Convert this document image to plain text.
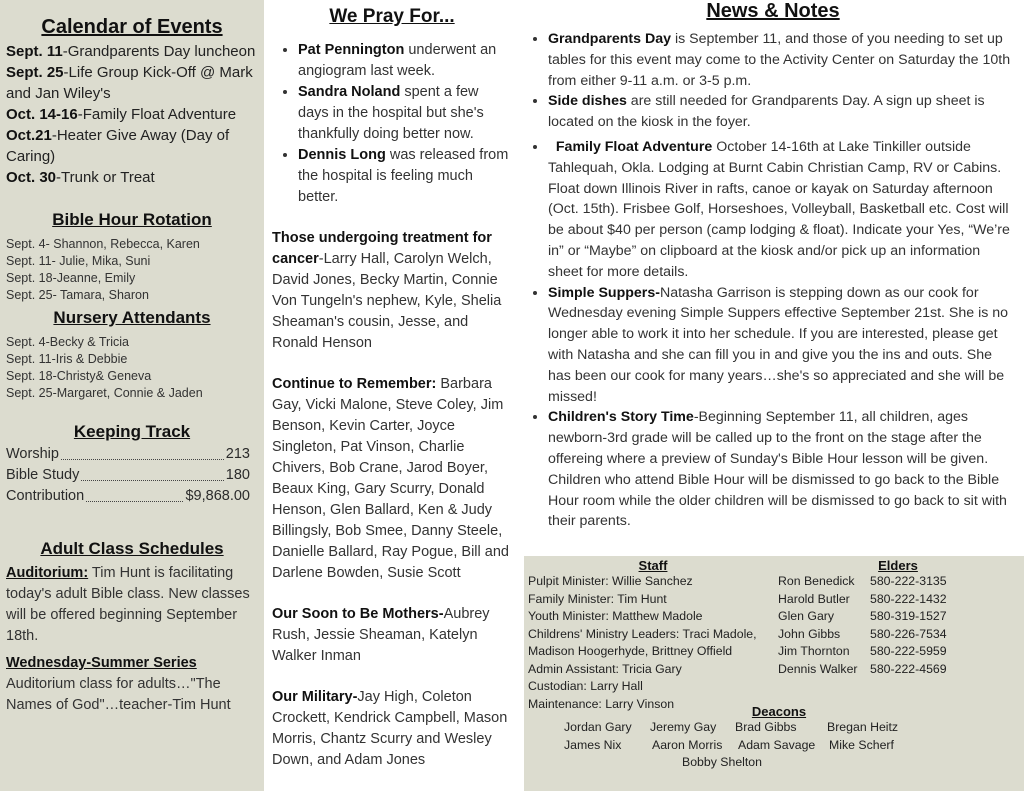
Calendar of Events
Sept. 11-Grandparents Day luncheon
Sept. 25-Life Group Kick-Off @ Mark and Jan Wiley's
Oct. 14-16-Family Float Adventure
Oct.21-Heater Give Away (Day of Caring)
Oct. 30-Trunk or Treat
Bible Hour Rotation
Sept. 4- Shannon, Rebecca, Karen
Sept. 11- Julie, Mika, Suni
Sept. 18-Jeanne, Emily
Sept. 25- Tamara, Sharon
Nursery Attendants
Sept. 4-Becky & Tricia
Sept. 11-Iris & Debbie
Sept. 18-Christy& Geneva
Sept. 25-Margaret, Connie & Jaden
Keeping Track
Worship	213
Bible Study	180
Contribution	$9,868.00
Adult Class Schedules
Auditorium: Tim Hunt is facilitating today's adult Bible class. New classes will be offered beginning September 18th.
Wednesday-Summer Series
Auditorium class for adults…"The Names of God"…teacher-Tim Hunt
We Pray For...
• Pat Pennington underwent an angiogram last week.
• Sandra Noland spent a few days in the hospital but she's thankfully doing better now.
• Dennis Long was released from the hospital is feeling much better.
Those undergoing treatment for cancer-Larry Hall, Carolyn Welch, David Jones, Becky Martin, Connie Von Tungeln's nephew, Kyle, Shelia Sheaman's cousin, Jesse, and Ronald Henson
Continue to Remember: Barbara Gay, Vicki Malone, Steve Coley, Jim Benson, Kevin Carter, Joyce Singleton, Pat Vinson, Charlie Chivers, Bob Crane, Jarod Boyer, Beaux King, Gary Scurry, Donald Henson, Glen Ballard, Ken & Judy Billingsly, Bob Smee, Danny Steele, Danielle Ballard, Ray Pogue, Bill and Darlene Bowden, Susie Scott
Our Soon to Be Mothers-Aubrey Rush, Jessie Sheaman, Katelyn Walker Inman
Our Military-Jay High, Coleton Crockett, Kendrick Campbell, Mason Morris, Chantz Scurry and Wesley Down, and Adam Jones
News & Notes
• Grandparents Day is September 11, and those of you needing to set up tables for this event may come to the Activity Center on Saturday the 10th from either 9-11 a.m. or 3-5 p.m.
• Side dishes are still needed for Grandparents Day. A sign up sheet is located on the kiosk in the foyer.
•   Family Float Adventure October 14-16th at Lake Tinkiller outside Tahlequah, Okla. Lodging at Burnt Cabin Christian Camp, RV or Cabins. Float down Illinois River in rafts, canoe or kayak on Saturday afternoon (Oct. 15th). Frisbee Golf, Horseshoes, Volleyball, Basketball etc. Cost will be about $40 per person (camp lodging & float). Indicate your Yes, “We’re in” or “Maybe” on clipboard at the kiosk and/or pick up an information sheet for more details.
• Simple Suppers-Natasha Garrison is stepping down as our cook for Wednesday evening Simple Suppers effective September 21st. She is no longer able to work it into her schedule. If you are interested, please get with Natasha and she can fill you in and give you the ins and outs. She has been our cook for many years…she's so appreciated and she will be missed!
• Children's Story Time-Beginning September 11, all children, ages newborn-3rd grade will be called up to the front on the stage after the offereing where a preview of Sunday's Bible Hour lesson will be given. Children who attend Bible Hour will be dismissed to go back to the Bible Hour room while the older children will be dismissed to go back to sit with their parents.
Staff
Pulpit Minister: Willie Sanchez
Family Minister: Tim Hunt
Youth Minister: Matthew Madole
Childrens' Ministry Leaders: Traci Madole,
Madison Hoogerhyde, Brittney Offield
Admin Assistant: Tricia Gary
Custodian: Larry Hall
Maintenance: Larry Vinson
Elders
Ron Benedick	580-222-3135
Harold Butler	580-222-1432
Glen Gary	580-319-1527
John Gibbs	580-226-7534
Jim Thornton	580-222-5959
Dennis Walker	580-222-4569
Deacons
Jordan Gary Jeremy Gay Brad Gibbs Bregan Heitz
James Nix Aaron Morris Adam Savage Mike Scherf
Bobby Shelton
